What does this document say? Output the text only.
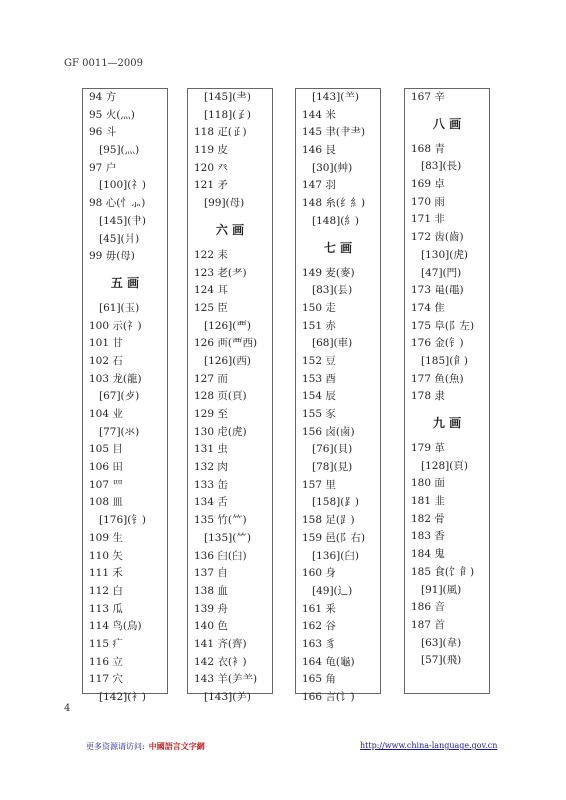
GF 0011—2009
94 方
95 火(灬)
96 斗
[95](灬)
97 户
[100](礻)
98 心(忄⺗)
[145](肀)
[45](爿)
99 毋(母)
五 画
[61](玉)
100 示(礻)
101 甘
102 石
103 龙(龍)
[67](歺)
104 业
[77](氺)
105 目
106 田
107 罒
108 皿
[176](钅)
109 生
110 矢
111 禾
112 白
113 瓜
114 鸟(鳥)
115 疒
116 立
117 穴
[142](衤)
[145](⺻)
[118](𤴔)
118 疋(𤴔)
119 皮
120 癶
121 矛
[99](母)
六 画
122 耒
123 老(耂)
124 耳
125 臣
[126](覀)
126 襾(覀西)
[126](西)
127 而
128 页(頁)
129 至
130 虍(虎)
131 虫
132 肉
133 缶
134 舌
135 竹(⺮)
[135](⺮)
136 臼(臼)
137 自
138 血
139 舟
140 色
141 齐(齊)
142 衣(衤)
143 羊(⺶⺷)
[143](⺶)
[143](⺷)
144 米
145 聿(肀⺻)
146 艮
[30](艸)
147 羽
148 糸(纟糹)
[148](糹)
七 画
149 麦(麥)
[83](镸)
150 走
151 赤
[68](車)
152 豆
153 酉
154 辰
155 豕
156 卤(鹵)
[76](貝)
[78](見)
157 里
[158](⻊)
158 足(⻊)
159 邑(阝右)
[136](臼)
160 身
[49](⻌)
161 釆
162 谷
163 豸
164 龟(龜)
165 角
166 言(讠)
167 辛
八 画
168 青
[83](長)
169 卓
170 雨
171 非
172 齿(齒)
[130](虎)
[47](門)
173 黾(黽)
174 隹
175 阜(阝左)
176 金(钅)
[185](𩙿)
177 鱼(魚)
178 隶
九 画
179 革
[128](頁)
180 面
181 韭
182 骨
183 香
184 鬼
185 食(饣𩙿)
[91](風)
186 音
187 首
[63](韋)
[57](飛)
4
更多资源请访问: 中國語言文字網	http://www.china-language.gov.cn
